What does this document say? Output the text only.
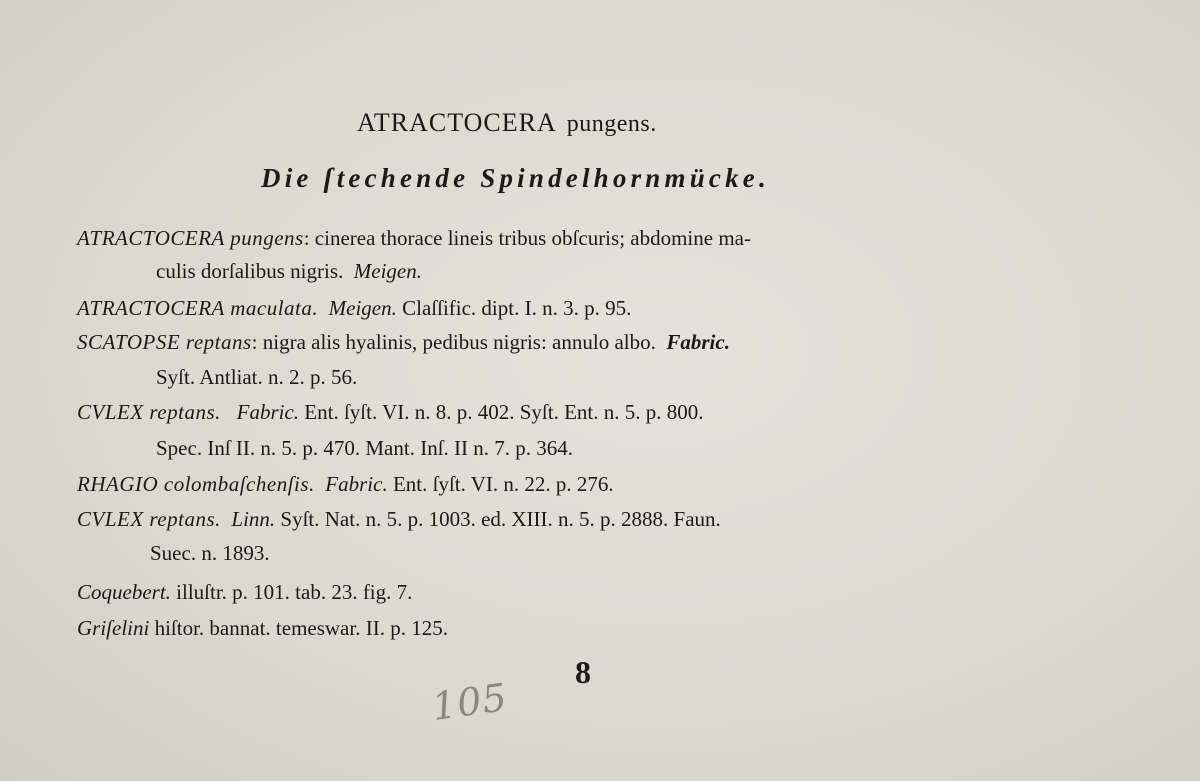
ATRACTOCERA pungens.
Die ſtechende Spindelhornmücke.
ATRACTOCERA pungens: cinerea thorace lineis tribus obſcuris; abdomine ma-
culis dorſalibus nigris. Meigen.
ATRACTOCERA maculata. Meigen. Claſſific. dipt. I. n. 3. p. 95.
SCATOPSE reptans: nigra alis hyalinis, pedibus nigris: annulo albo. Fabric.
Syſt. Antliat. n. 2. p. 56.
CVLEX reptans. Fabric. Ent. ſyſt. VI. n. 8. p. 402. Syſt. Ent. n. 5. p. 800.
Spec. Inſ II. n. 5. p. 470. Mant. Inſ. II n. 7. p. 364.
RHAGIO colombaſchenſis. Fabric. Ent. ſyſt. VI. n. 22. p. 276.
CVLEX reptans. Linn. Syſt. Nat. n. 5. p. 1003. ed. XIII. n. 5. p. 2888. Faun.
Suec. n. 1893.
Coquebert. illuſtr. p. 101. tab. 23. fig. 7.
Griſelini hiſtor. bannat. temeswar. II. p. 125.
8
105
